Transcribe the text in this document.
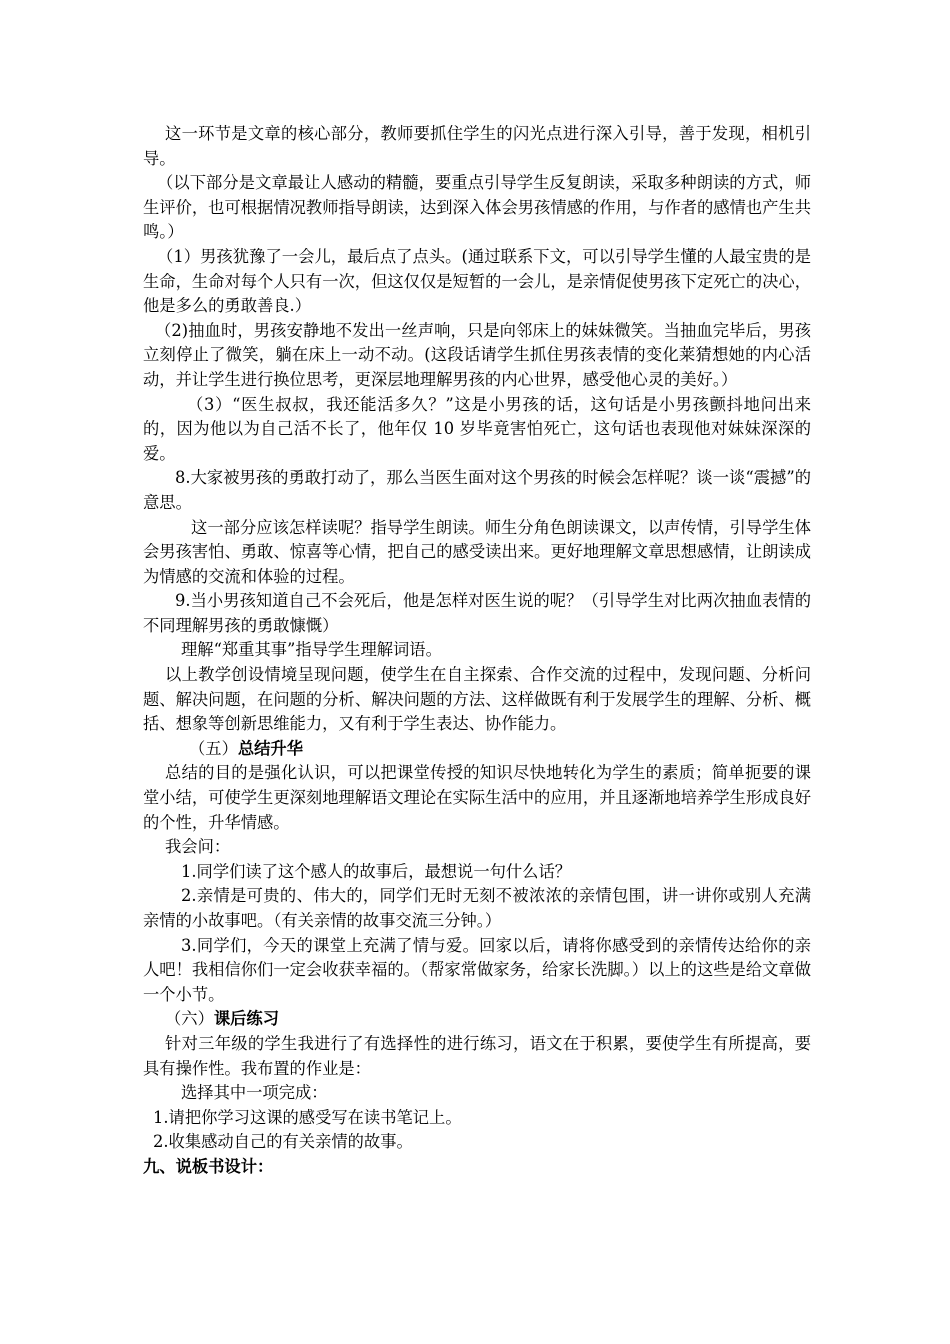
这一环节是文章的核心部分，教师要抓住学生的闪光点进行深入引导，善于发现，相机引导。

（以下部分是文章最让人感动的精髓，要重点引导学生反复朗读，采取多种朗读的方式，师生评价，也可根据情况教师指导朗读，达到深入体会男孩情感的作用，与作者的感情也产生共鸣。）

（1）男孩犹豫了一会儿，最后点了点头。(通过联系下文，可以引导学生懂的人最宝贵的是生命，生命对每个人只有一次，但这仅仅是短暂的一会儿，是亲情促使男孩下定死亡的决心，他是多么的勇敢善良.）

（2)抽血时，男孩安静地不发出一丝声响，只是向邻床上的妹妹微笑。当抽血完毕后，男孩立刻停止了微笑，躺在床上一动不动。(这段话请学生抓住男孩表情的变化莱猜想她的内心活动，并让学生进行换位思考，更深层地理解男孩的内心世界，感受他心灵的美好。）

（3）“医生叔叔，我还能活多久？”这是小男孩的话，这句话是小男孩颤抖地问出来的，因为他以为自己活不长了，他年仅 10 岁毕竟害怕死亡，这句话也表现他对妹妹深深的爱。

8.大家被男孩的勇敢打动了，那么当医生面对这个男孩的时候会怎样呢？谈一谈“震撼”的意思。

这一部分应该怎样读呢？指导学生朗读。师生分角色朗读课文，以声传情，引导学生体会男孩害怕、勇敢、惊喜等心情，把自己的感受读出来。更好地理解文章思想感情，让朗读成为情感的交流和体验的过程。

9.当小男孩知道自己不会死后，他是怎样对医生说的呢？（引导学生对比两次抽血表情的不同理解男孩的勇敢慷慨）

理解“郑重其事”指导学生理解词语。

以上教学创设情境呈现问题，使学生在自主探索、合作交流的过程中，发现问题、分析问题、解决问题，在问题的分析、解决问题的方法、这样做既有利于发展学生的理解、分析、概括、想象等创新思维能力，又有利于学生表达、协作能力。

（五）总结升华

总结的目的是强化认识，可以把课堂传授的知识尽快地转化为学生的素质；简单扼要的课堂小结，可使学生更深刻地理解语文理论在实际生活中的应用，并且逐渐地培养学生形成良好的个性，升华情感。

我会问：

1.同学们读了这个感人的故事后，最想说一句什么话？

2.亲情是可贵的、伟大的，同学们无时无刻不被浓浓的亲情包围，讲一讲你或别人充满亲情的小故事吧。（有关亲情的故事交流三分钟。）

3.同学们，今天的课堂上充满了情与爱。回家以后，请将你感受到的亲情传达给你的亲人吧！我相信你们一定会收获幸福的。（帮家常做家务，给家长洗脚。）以上的这些是给文章做一个小节。

（六）课后练习

针对三年级的学生我进行了有选择性的进行练习，语文在于积累，要使学生有所提高，要具有操作性。我布置的作业是：

选择其中一项完成：

1.请把你学习这课的感受写在读书笔记上。

2.收集感动自己的有关亲情的故事。

九、说板书设计：
